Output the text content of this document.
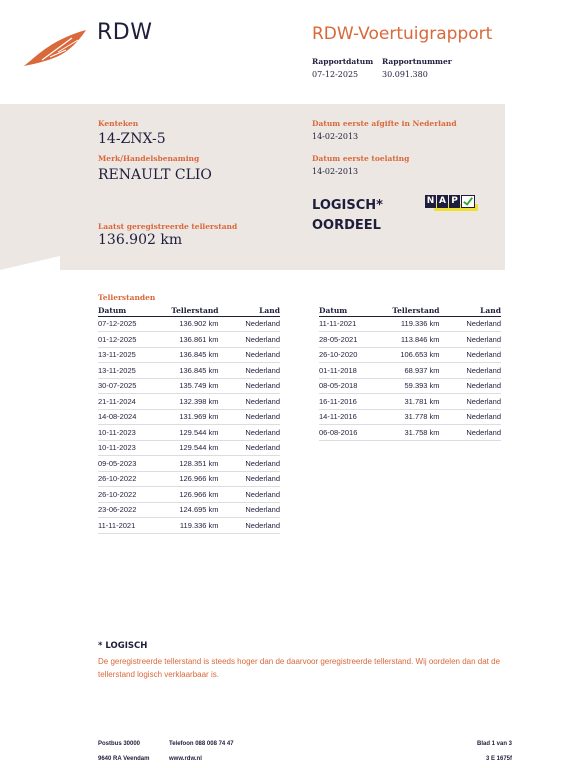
RDW	RDW-Voertuigrapport
Rapportdatum
07-12-2025
Rapportnummer
30.091.380
Kenteken
14-ZNX-5
Merk/Handelsbenaming
RENAULT CLIO
Laatst geregistreerde tellerstand
136.902 km
Datum eerste afgifte in Nederland
14-02-2013
Datum eerste toelating
14-02-2013
LOGISCH*
OORDEEL
N A P
Tellerstanden
Datum	Tellerstand	Land
07-12-2025	136.902 km	Nederland
01-12-2025	136.861 km	Nederland
13-11-2025	136.845 km	Nederland
13-11-2025	136.845 km	Nederland
30-07-2025	135.749 km	Nederland
21-11-2024	132.398 km	Nederland
14-08-2024	131.969 km	Nederland
10-11-2023	129.544 km	Nederland
10-11-2023	129.544 km	Nederland
09-05-2023	128.351 km	Nederland
26-10-2022	126.966 km	Nederland
26-10-2022	126.966 km	Nederland
23-06-2022	124.695 km	Nederland
11-11-2021	119.336 km	Nederland
Datum	Tellerstand	Land
11-11-2021	119.336 km	Nederland
28-05-2021	113.846 km	Nederland
26-10-2020	106.653 km	Nederland
01-11-2018	68.937 km	Nederland
08-05-2018	59.393 km	Nederland
16-11-2016	31.781 km	Nederland
14-11-2016	31.778 km	Nederland
06-08-2016	31.758 km	Nederland
* LOGISCH
De geregistreerde tellerstand is steeds hoger dan de daarvoor geregistreerde tellerstand. Wij oordelen dan dat de tellerstand logisch verklaarbaar is.
Postbus 30000
9640 RA Veendam
Telefoon 088 008 74 47
www.rdw.nl
Blad 1 van 3
3 E 1675f
